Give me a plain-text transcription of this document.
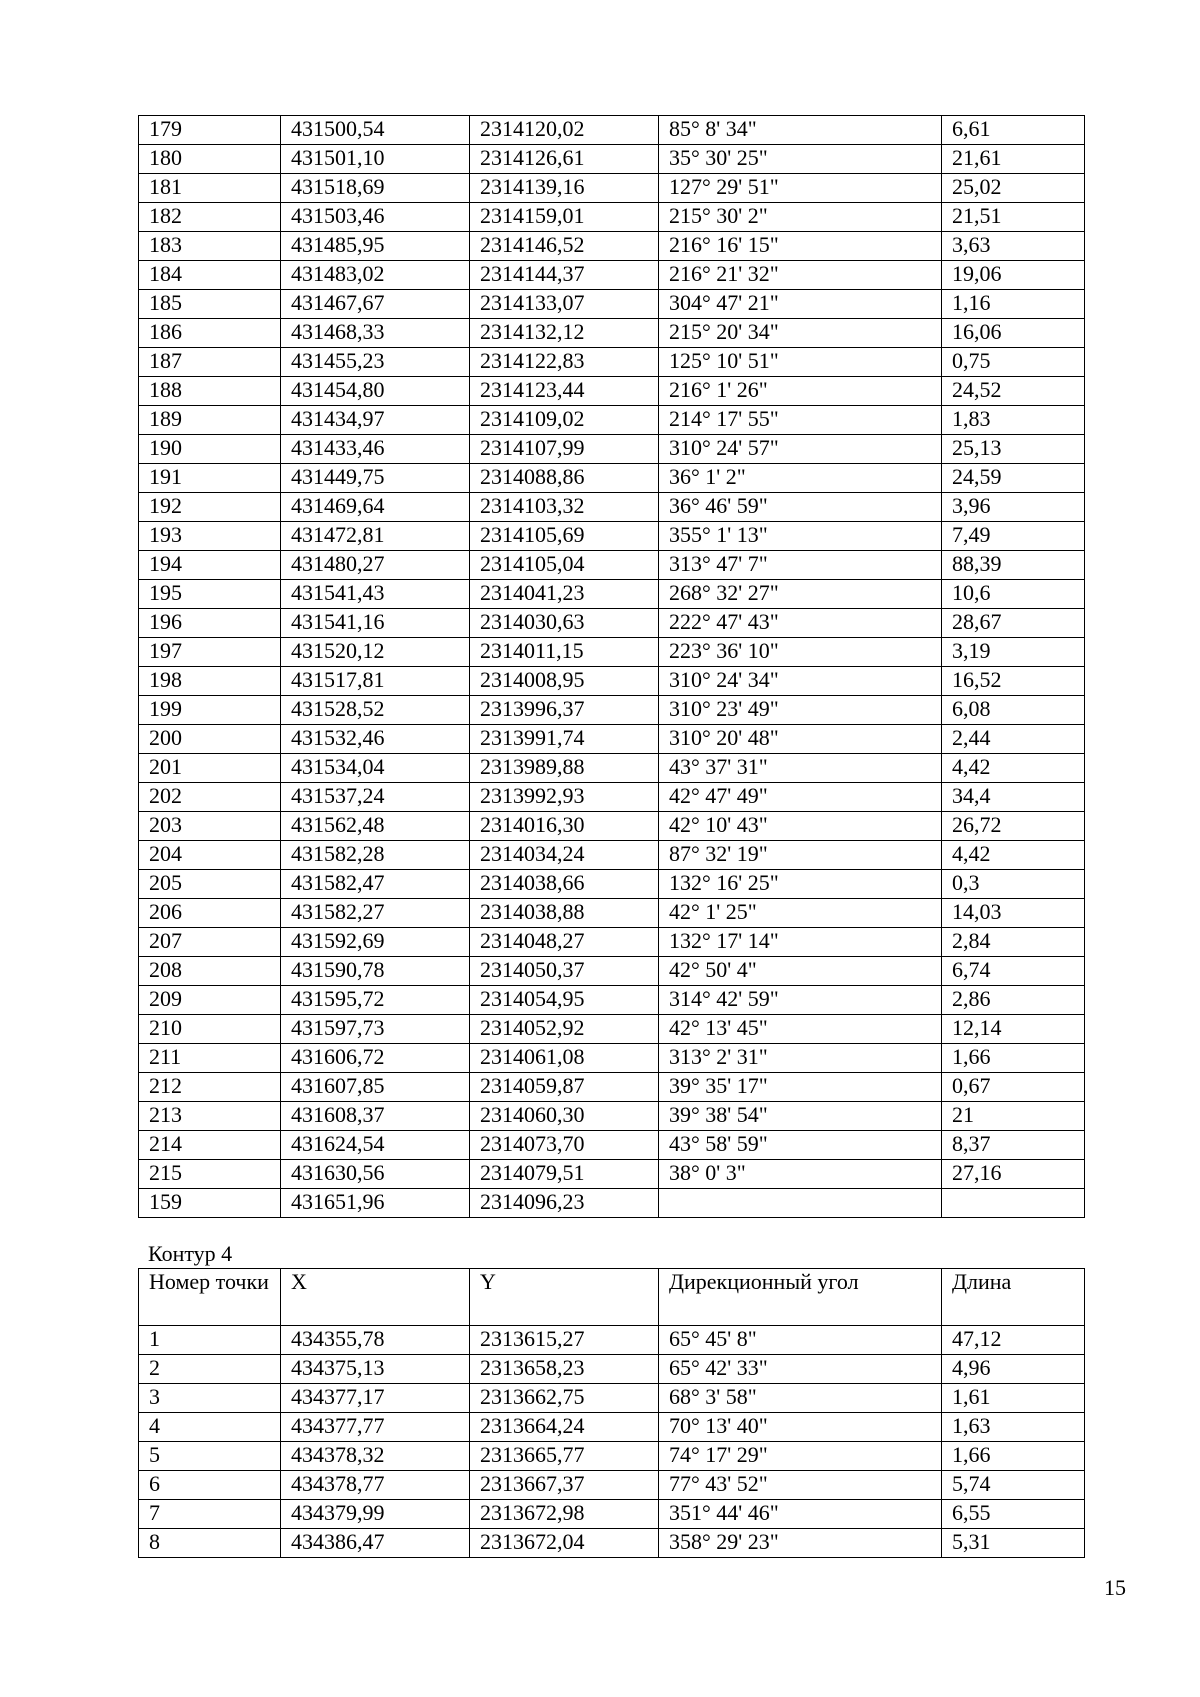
179	431500,54	2314120,02	85° 8' 34"	6,61
180	431501,10	2314126,61	35° 30' 25"	21,61
181	431518,69	2314139,16	127° 29' 51"	25,02
182	431503,46	2314159,01	215° 30' 2"	21,51
183	431485,95	2314146,52	216° 16' 15"	3,63
184	431483,02	2314144,37	216° 21' 32"	19,06
185	431467,67	2314133,07	304° 47' 21"	1,16
186	431468,33	2314132,12	215° 20' 34"	16,06
187	431455,23	2314122,83	125° 10' 51"	0,75
188	431454,80	2314123,44	216° 1' 26"	24,52
189	431434,97	2314109,02	214° 17' 55"	1,83
190	431433,46	2314107,99	310° 24' 57"	25,13
191	431449,75	2314088,86	36° 1' 2"	24,59
192	431469,64	2314103,32	36° 46' 59"	3,96
193	431472,81	2314105,69	355° 1' 13"	7,49
194	431480,27	2314105,04	313° 47' 7"	88,39
195	431541,43	2314041,23	268° 32' 27"	10,6
196	431541,16	2314030,63	222° 47' 43"	28,67
197	431520,12	2314011,15	223° 36' 10"	3,19
198	431517,81	2314008,95	310° 24' 34"	16,52
199	431528,52	2313996,37	310° 23' 49"	6,08
200	431532,46	2313991,74	310° 20' 48"	2,44
201	431534,04	2313989,88	43° 37' 31"	4,42
202	431537,24	2313992,93	42° 47' 49"	34,4
203	431562,48	2314016,30	42° 10' 43"	26,72
204	431582,28	2314034,24	87° 32' 19"	4,42
205	431582,47	2314038,66	132° 16' 25"	0,3
206	431582,27	2314038,88	42° 1' 25"	14,03
207	431592,69	2314048,27	132° 17' 14"	2,84
208	431590,78	2314050,37	42° 50' 4"	6,74
209	431595,72	2314054,95	314° 42' 59"	2,86
210	431597,73	2314052,92	42° 13' 45"	12,14
211	431606,72	2314061,08	313° 2' 31"	1,66
212	431607,85	2314059,87	39° 35' 17"	0,67
213	431608,37	2314060,30	39° 38' 54"	21
214	431624,54	2314073,70	43° 58' 59"	8,37
215	431630,56	2314079,51	38° 0' 3"	27,16
159	431651,96	2314096,23		
Контур 4
Номер точки	X	Y	Дирекционный угол	Длина
1	434355,78	2313615,27	65° 45' 8"	47,12
2	434375,13	2313658,23	65° 42' 33"	4,96
3	434377,17	2313662,75	68° 3' 58"	1,61
4	434377,77	2313664,24	70° 13' 40"	1,63
5	434378,32	2313665,77	74° 17' 29"	1,66
6	434378,77	2313667,37	77° 43' 52"	5,74
7	434379,99	2313672,98	351° 44' 46"	6,55
8	434386,47	2313672,04	358° 29' 23"	5,31
15
